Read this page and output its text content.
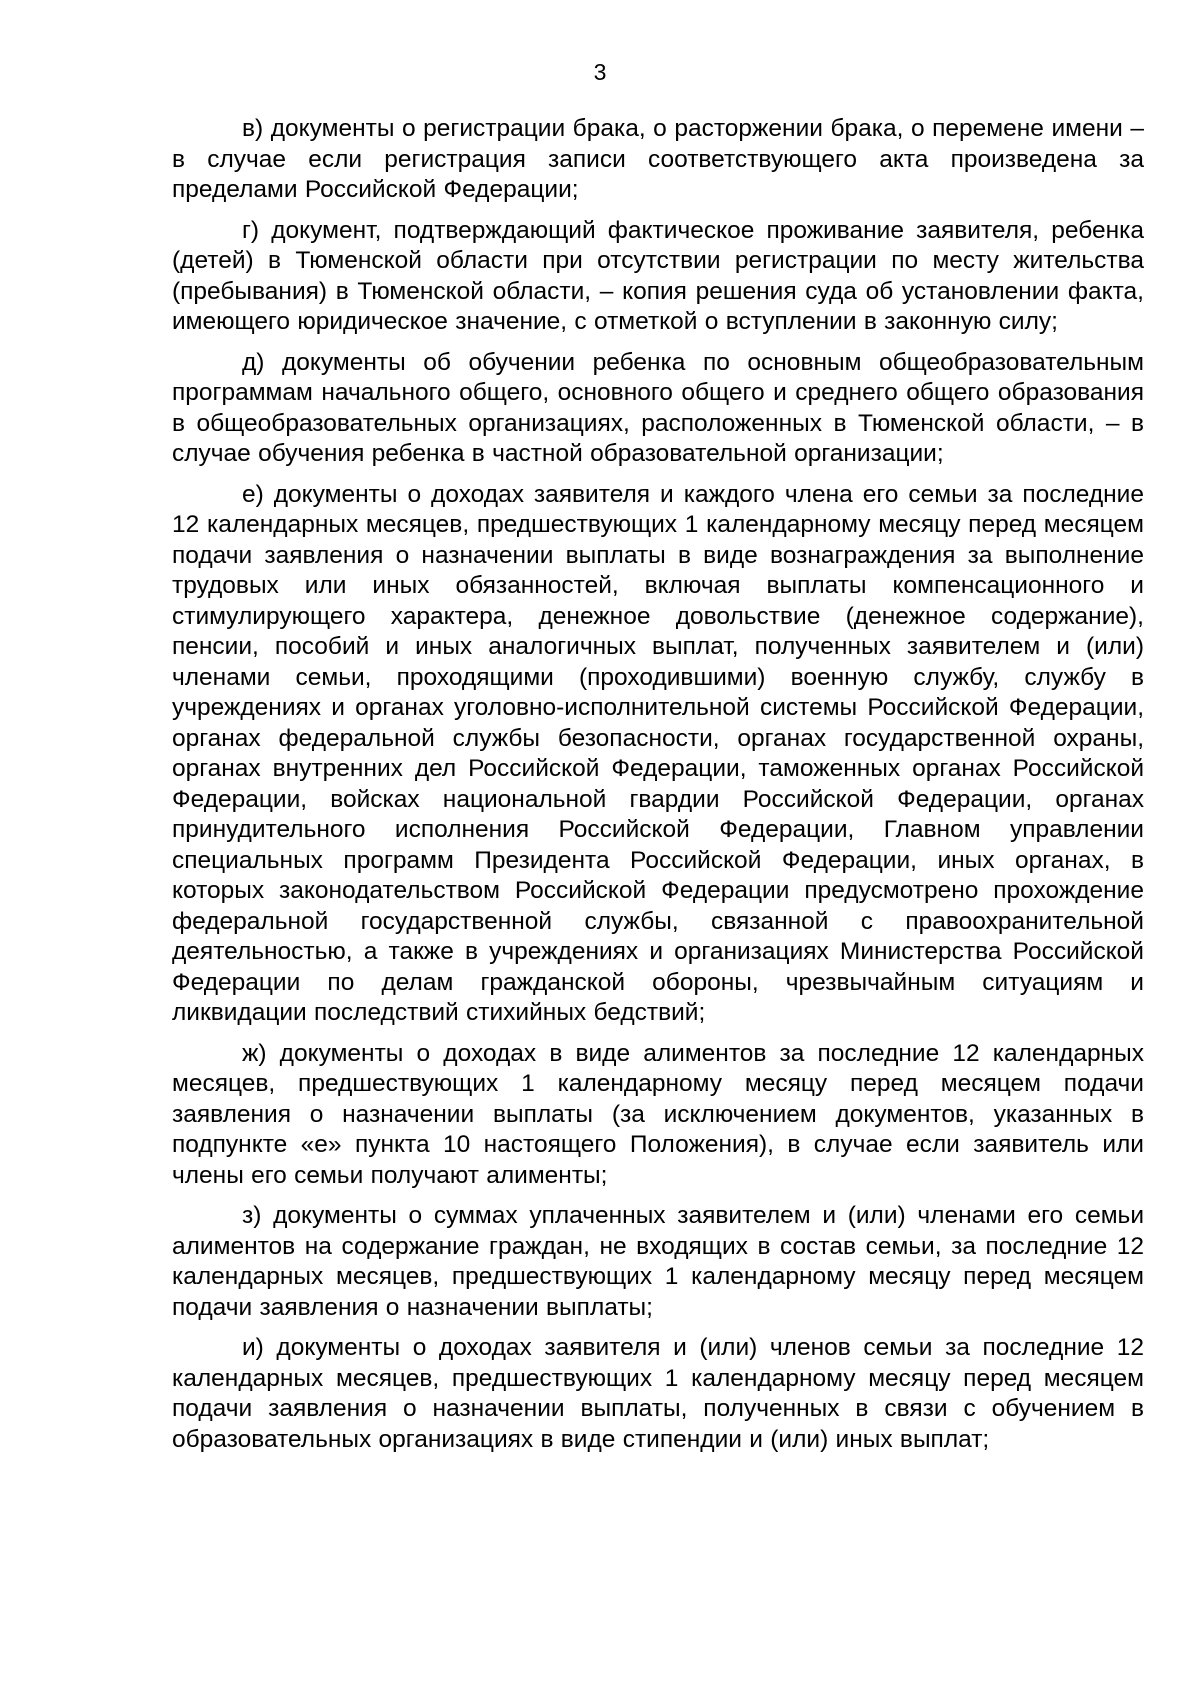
3

в) документы о регистрации брака, о расторжении брака, о перемене имени – в случае если регистрация записи соответствующего акта произведена за пределами Российской Федерации;

г) документ, подтверждающий фактическое проживание заявителя, ребенка (детей) в Тюменской области при отсутствии регистрации по месту жительства (пребывания) в Тюменской области, – копия решения суда об установлении факта, имеющего юридическое значение, с отметкой о вступлении в законную силу;

д) документы об обучении ребенка по основным общеобразовательным программам начального общего, основного общего и среднего общего образования в общеобразовательных организациях, расположенных в Тюменской области, – в случае обучения ребенка в частной образовательной организации;

е) документы о доходах заявителя и каждого члена его семьи за последние 12 календарных месяцев, предшествующих 1 календарному месяцу перед месяцем подачи заявления о назначении выплаты в виде вознаграждения за выполнение трудовых или иных обязанностей, включая выплаты компенсационного и стимулирующего характера, денежное довольствие (денежное содержание), пенсии, пособий и иных аналогичных выплат, полученных заявителем и (или) членами семьи, проходящими (проходившими) военную службу, службу в учреждениях и органах уголовно-исполнительной системы Российской Федерации, органах федеральной службы безопасности, органах государственной охраны, органах внутренних дел Российской Федерации, таможенных органах Российской Федерации, войсках национальной гвардии Российской Федерации, органах принудительного исполнения Российской Федерации, Главном управлении специальных программ Президента Российской Федерации, иных органах, в которых законодательством Российской Федерации предусмотрено прохождение федеральной государственной службы, связанной с правоохранительной деятельностью, а также в учреждениях и организациях Министерства Российской Федерации по делам гражданской обороны, чрезвычайным ситуациям и ликвидации последствий стихийных бедствий;

ж) документы о доходах в виде алиментов за последние 12 календарных месяцев, предшествующих 1 календарному месяцу перед месяцем подачи заявления о назначении выплаты (за исключением документов, указанных в подпункте «е» пункта 10 настоящего Положения), в случае если заявитель или члены его семьи получают алименты;

з) документы о суммах уплаченных заявителем и (или) членами его семьи алиментов на содержание граждан, не входящих в состав семьи, за последние 12 календарных месяцев, предшествующих 1 календарному месяцу перед месяцем подачи заявления о назначении выплаты;

и) документы о доходах заявителя и (или) членов семьи за последние 12 календарных месяцев, предшествующих 1 календарному месяцу перед месяцем подачи заявления о назначении выплаты, полученных в связи с обучением в образовательных организациях в виде стипендии и (или) иных выплат;
